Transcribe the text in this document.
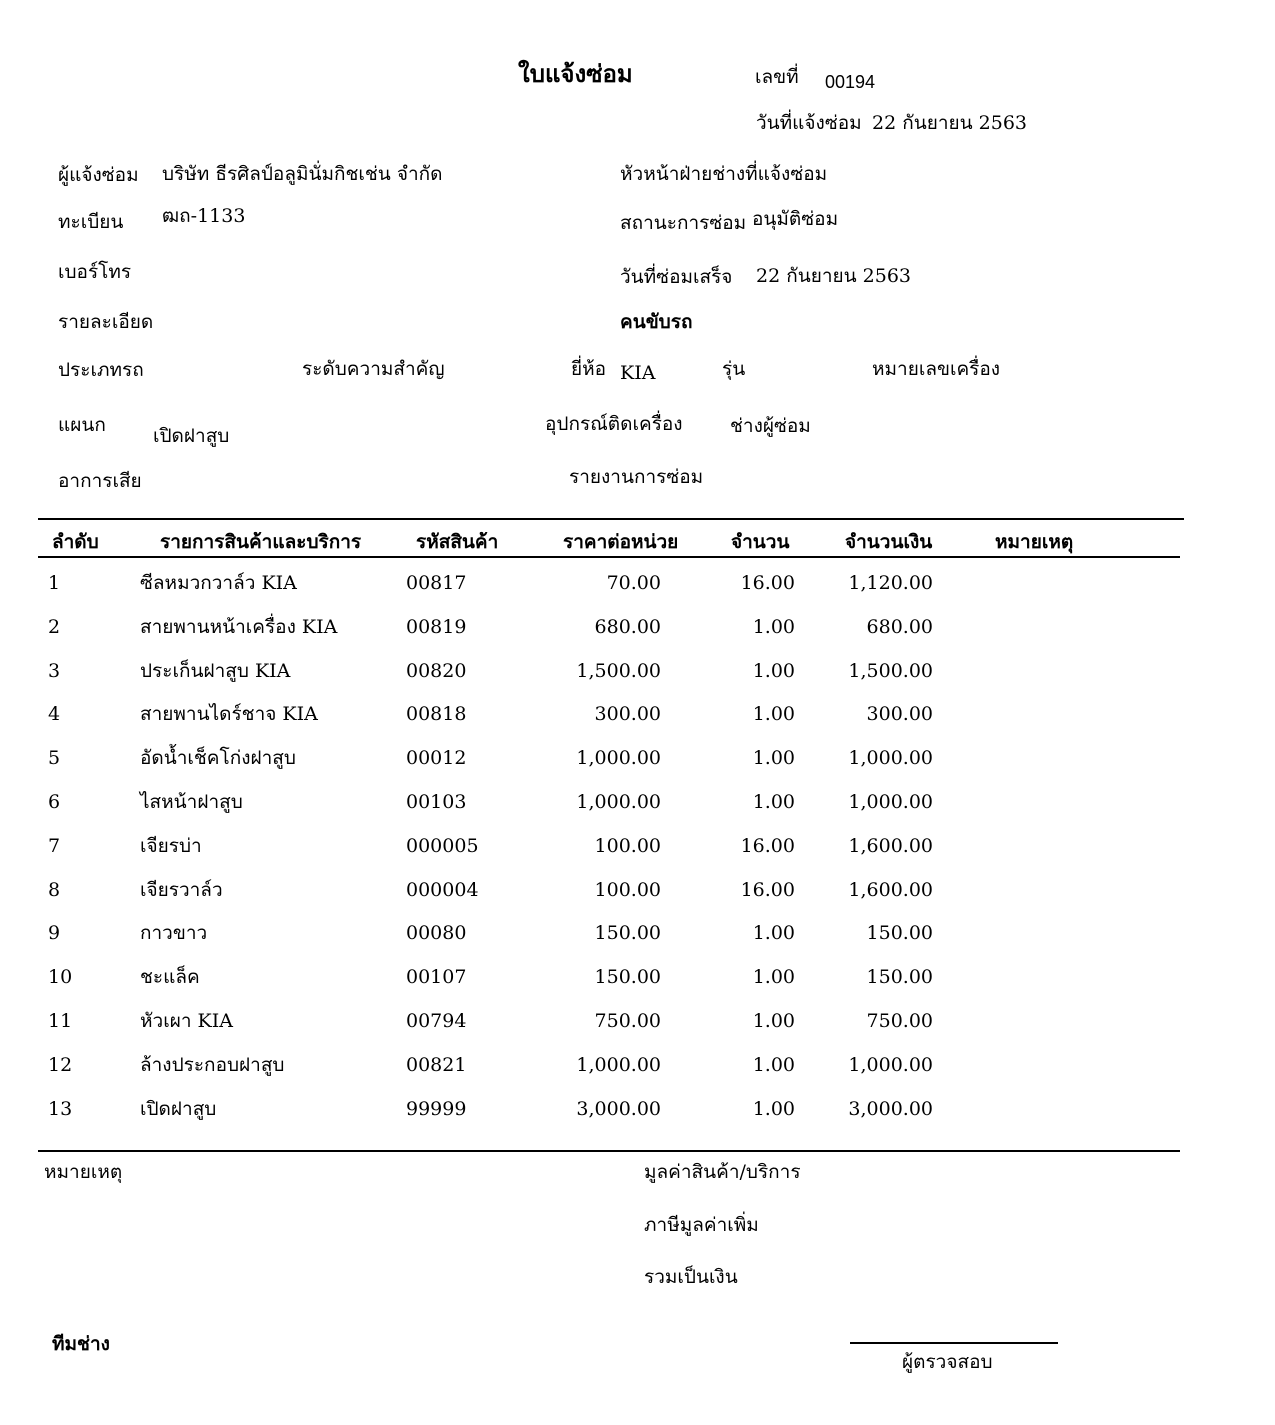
ใบแจ้งซ่อม	เลขที่ 00194
วันที่แจ้งซ่อม 22 กันยายน 2563
ผู้แจ้งซ่อม บริษัท ธีรศิลป์อลูมินั่มกิชเช่น จำกัด	หัวหน้าฝ่ายช่างที่แจ้งซ่อม
ทะเบียน ฒถ-1133	สถานะการซ่อม อนุมัติซ่อม
เบอร์โทร	วันที่ซ่อมเสร็จ 22 กันยายน 2563
รายละเอียด	คนขับรถ
ประเภทรถ	ระดับความสำคัญ	ยี่ห้อ KIA	รุ่น	หมายเลขเครื่อง
แผนก เปิดฝาสูบ
อุปกรณ์ติดเครื่อง ช่างผู้ซ่อม
อาการเสีย	รายงานการซ่อม
ลำดับ	รายการสินค้าและบริการ	รหัสสินค้า	ราคาต่อหน่วย	จำนวน	จำนวนเงิน	หมายเหตุ
1	ซีลหมวกวาล์ว KIA	00817	70.00	16.00	1,120.00
2	สายพานหน้าเครื่อง KIA	00819	680.00	1.00	680.00
3	ประเก็นฝาสูบ KIA	00820	1,500.00	1.00	1,500.00
4	สายพานไดร์ชาจ KIA	00818	300.00	1.00	300.00
5	อัดน้ำเช็คโก่งฝาสูบ	00012	1,000.00	1.00	1,000.00
6	ไสหน้าฝาสูบ	00103	1,000.00	1.00	1,000.00
7	เจียรบ่า	000005	100.00	16.00	1,600.00
8	เจียรวาล์ว	000004	100.00	16.00	1,600.00
9	กาวขาว	00080	150.00	1.00	150.00
10	ชะแล็ค	00107	150.00	1.00	150.00
11	หัวเผา KIA	00794	750.00	1.00	750.00
12	ล้างประกอบฝาสูบ	00821	1,000.00	1.00	1,000.00
13	เปิดฝาสูบ	99999	3,000.00	1.00	3,000.00
หมายเหตุ	มูลค่าสินค้า/บริการ
ภาษีมูลค่าเพิ่ม
รวมเป็นเงิน
ทีมช่าง
ผู้ตรวจสอบ
